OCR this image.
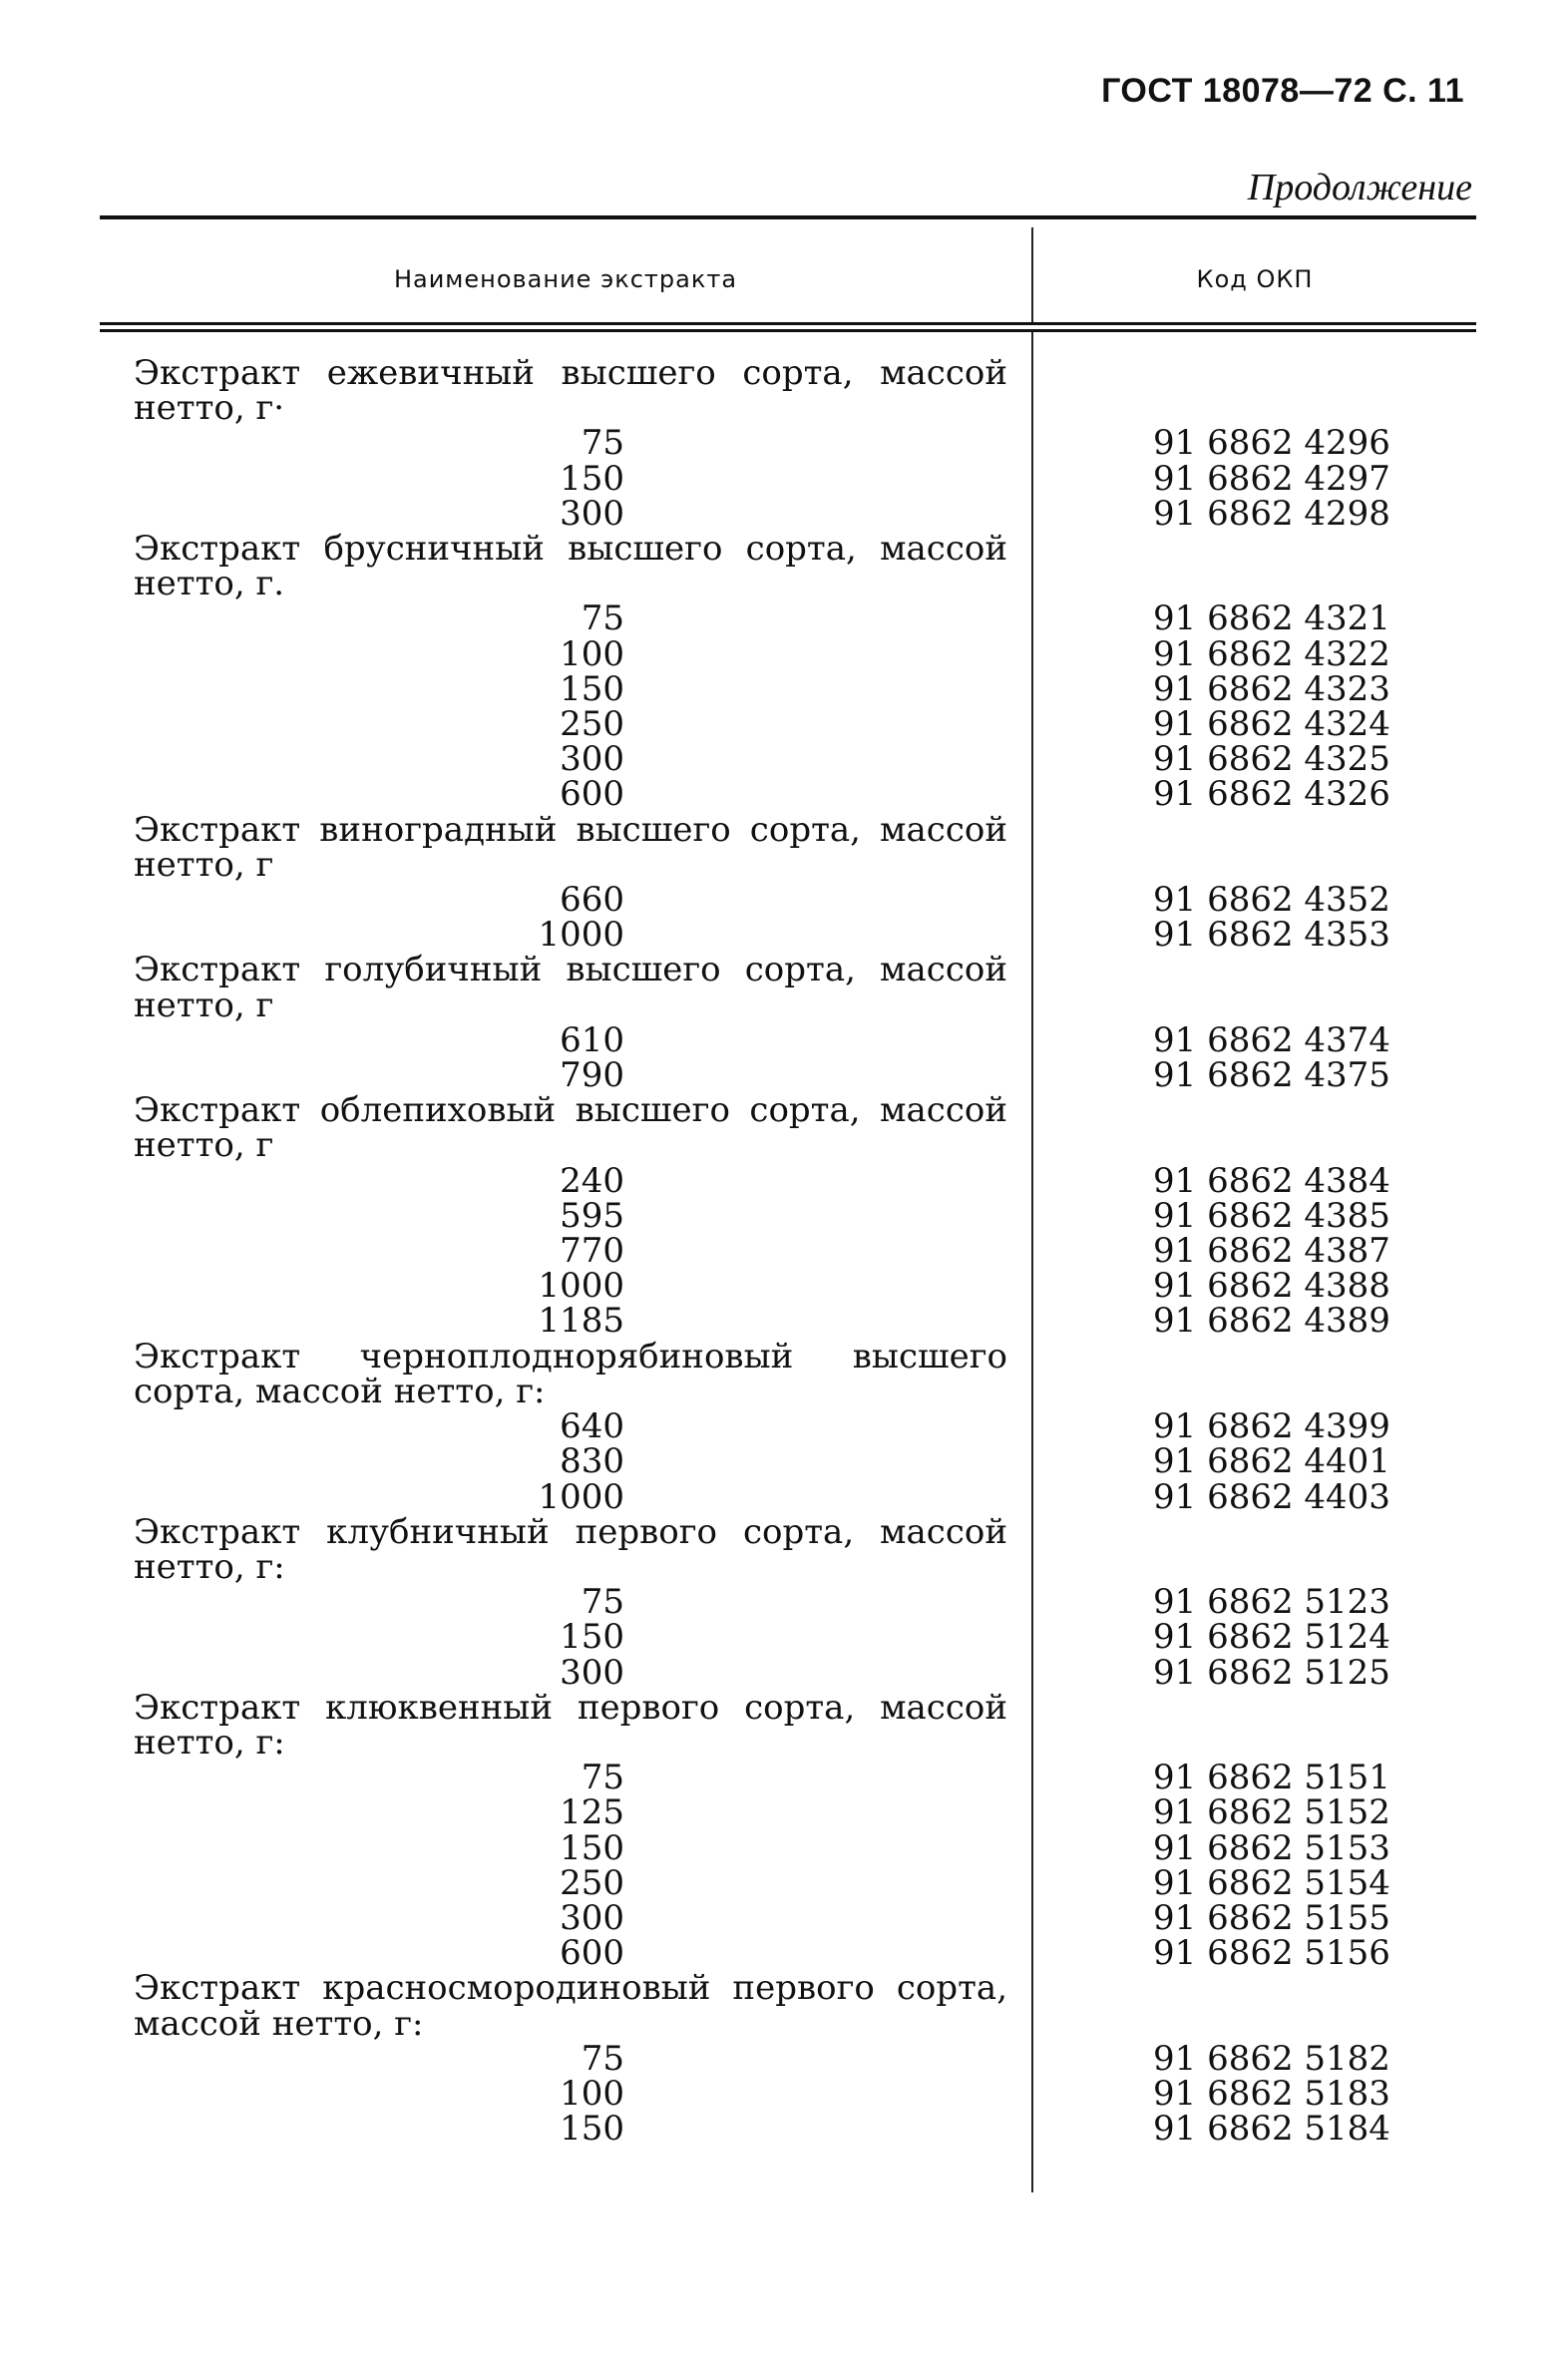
ГОСТ 18078—72 С. 11
Продолжение
Наименование экстракта	Код ОКП
Экстракт ежевичный высшего сорта, массой нетто, г·
75	91 6862 4296
150	91 6862 4297
300	91 6862 4298
Экстракт брусничный высшего сорта, массой нетто, г.
75	91 6862 4321
100	91 6862 4322
150	91 6862 4323
250	91 6862 4324
300	91 6862 4325
600	91 6862 4326
Экстракт виноградный высшего сорта, массой нетто, г
660	91 6862 4352
1000	91 6862 4353
Экстракт голубичный высшего сорта, массой нетто, г
610	91 6862 4374
790	91 6862 4375
Экстракт облепиховый высшего сорта, массой нетто, г
240	91 6862 4384
595	91 6862 4385
770	91 6862 4387
1000	91 6862 4388
1185	91 6862 4389
Экстракт черноплоднорябиновый высшего сорта, массой нетто, г:
640	91 6862 4399
830	91 6862 4401
1000	91 6862 4403
Экстракт клубничный первого сорта, массой нетто, г:
75	91 6862 5123
150	91 6862 5124
300	91 6862 5125
Экстракт клюквенный первого сорта, массой нетто, г:
75	91 6862 5151
125	91 6862 5152
150	91 6862 5153
250	91 6862 5154
300	91 6862 5155
600	91 6862 5156
Экстракт красносмородиновый первого сорта, массой нетто, г:
75	91 6862 5182
100	91 6862 5183
150	91 6862 5184
